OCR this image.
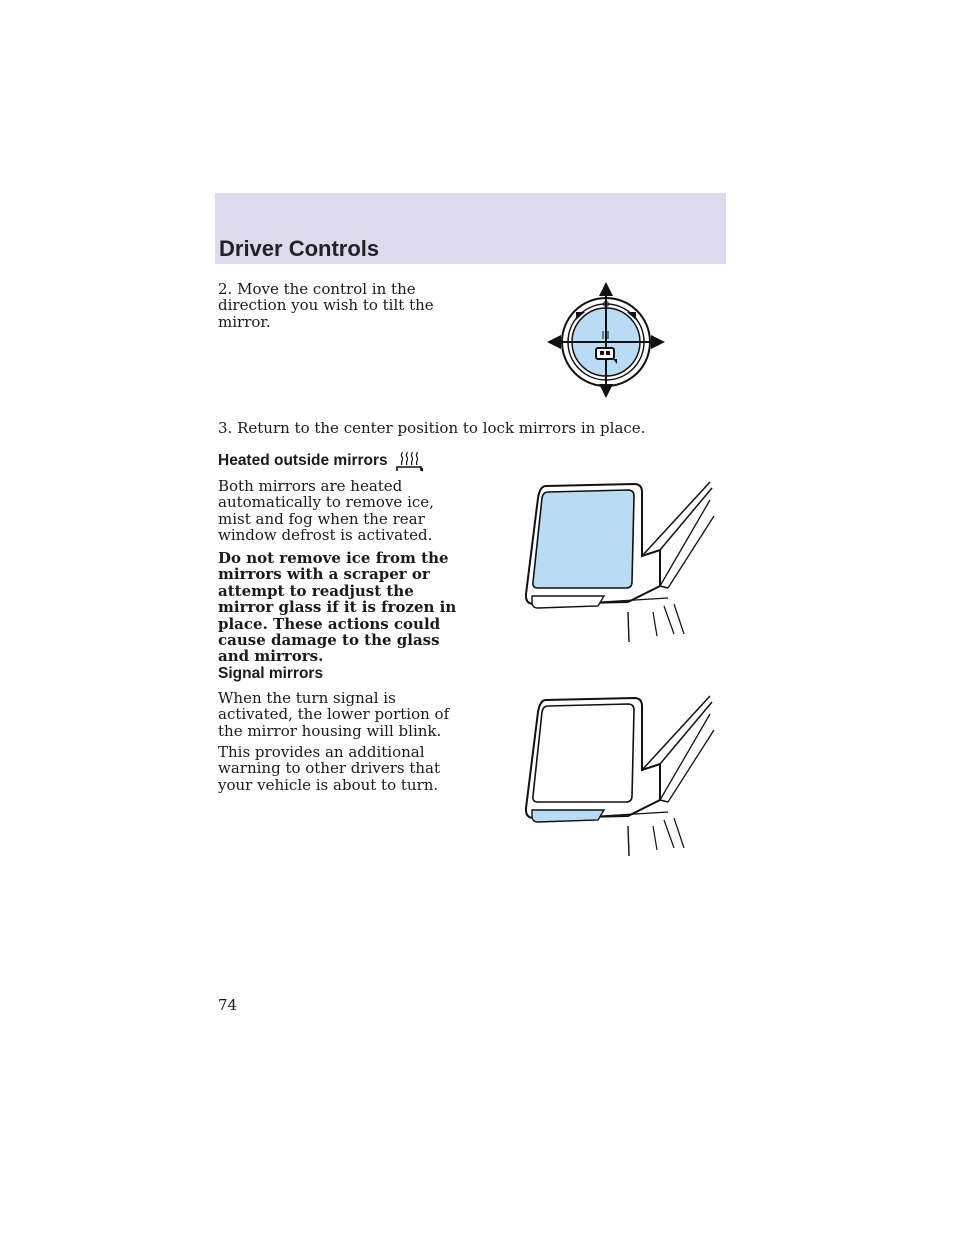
Driver Controls

2. Move the control in the direction you wish to tilt the mirror.

3. Return to the center position to lock mirrors in place.

Heated outside mirrors

Both mirrors are heated automatically to remove ice, mist and fog when the rear window defrost is activated.

Do not remove ice from the mirrors with a scraper or attempt to readjust the mirror glass if it is frozen in place. These actions could cause damage to the glass and mirrors.

Signal mirrors

When the turn signal is activated, the lower portion of the mirror housing will blink.

This provides an additional warning to other drivers that your vehicle is about to turn.

74
